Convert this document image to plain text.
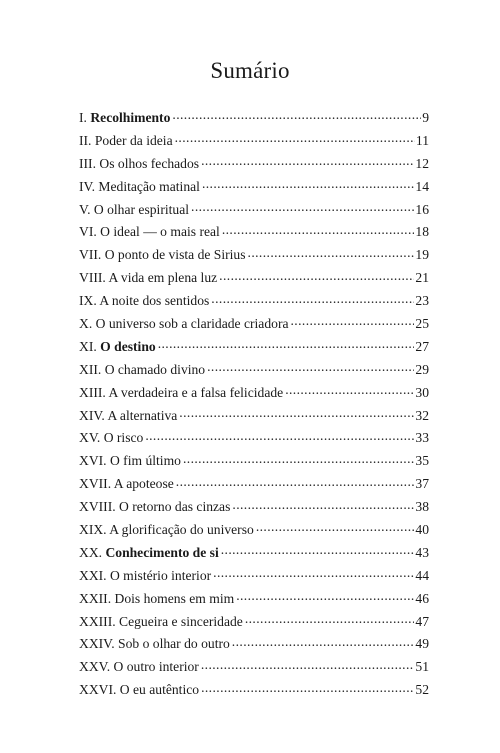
Sumário
I. Recolhimento .....	9
II. Poder da ideia .....	11
III. Os olhos fechados .....	12
IV. Meditação matinal .....	14
V. O olhar espiritual .....	16
VI. O ideal — o mais real .....	18
VII. O ponto de vista de Sirius .....	19
VIII. A vida em plena luz .....	21
IX. A noite dos sentidos .....	23
X. O universo sob a claridade criadora .....	25
XI. O destino .....	27
XII. O chamado divino .....	29
XIII. A verdadeira e a falsa felicidade .....	30
XIV. A alternativa .....	32
XV. O risco .....	33
XVI. O fim último .....	35
XVII. A apoteose .....	37
XVIII. O retorno das cinzas .....	38
XIX. A glorificação do universo .....	40
XX. Conhecimento de si .....	43
XXI. O mistério interior .....	44
XXII. Dois homens em mim .....	46
XXIII. Cegueira e sinceridade .....	47
XXIV. Sob o olhar do outro .....	49
XXV. O outro interior .....	51
XXVI. O eu autêntico .....	52
